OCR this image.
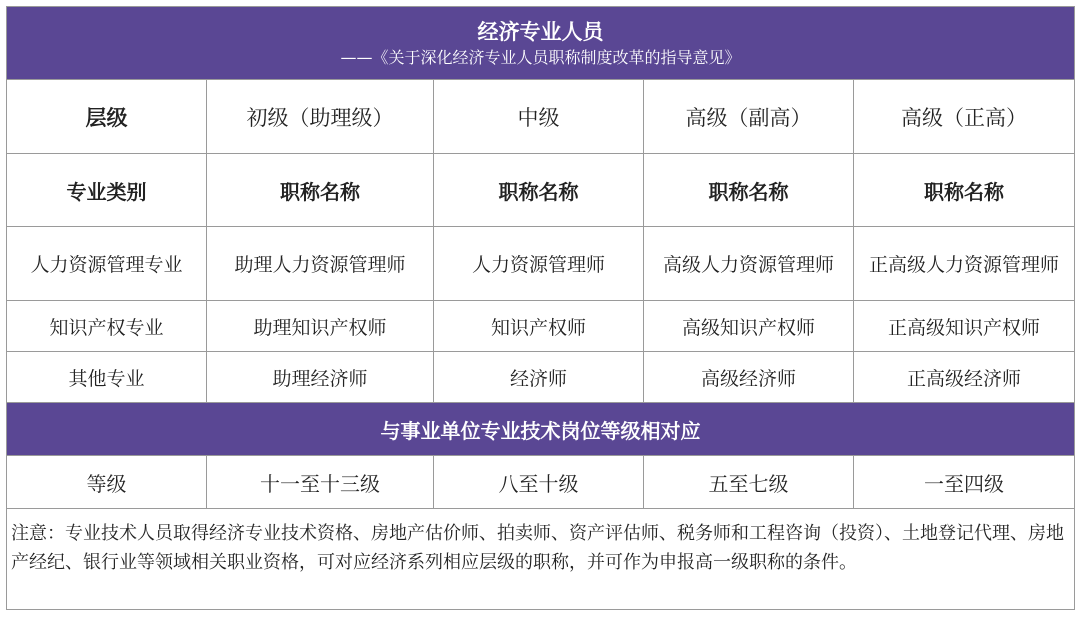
经济专业人员
——《关于深化经济专业人员职称制度改革的指导意见》				

层级	初级（助理级）	中级	高级（副高）	高级（正高）
专业类别	职称名称	职称名称	职称名称	职称名称
人力资源管理专业	助理人力资源管理师	人力资源管理师	高级人力资源管理师	正高级人力资源管理师
知识产权专业	助理知识产权师	知识产权师	高级知识产权师	正高级知识产权师
其他专业	助理经济师	经济师	高级经济师	正高级经济师
与事业单位专业技术岗位等级相对应				
等级	十一至十三级	八至十级	五至七级	一至四级
注意：专业技术人员取得经济专业技术资格、房地产估价师、拍卖师、资产评估师、税务师和工程咨询（投资）、土地登记代理、房地产经纪、银行业等领域相关职业资格，可对应经济系列相应层级的职称，并可作为申报高一级职称的条件。				
